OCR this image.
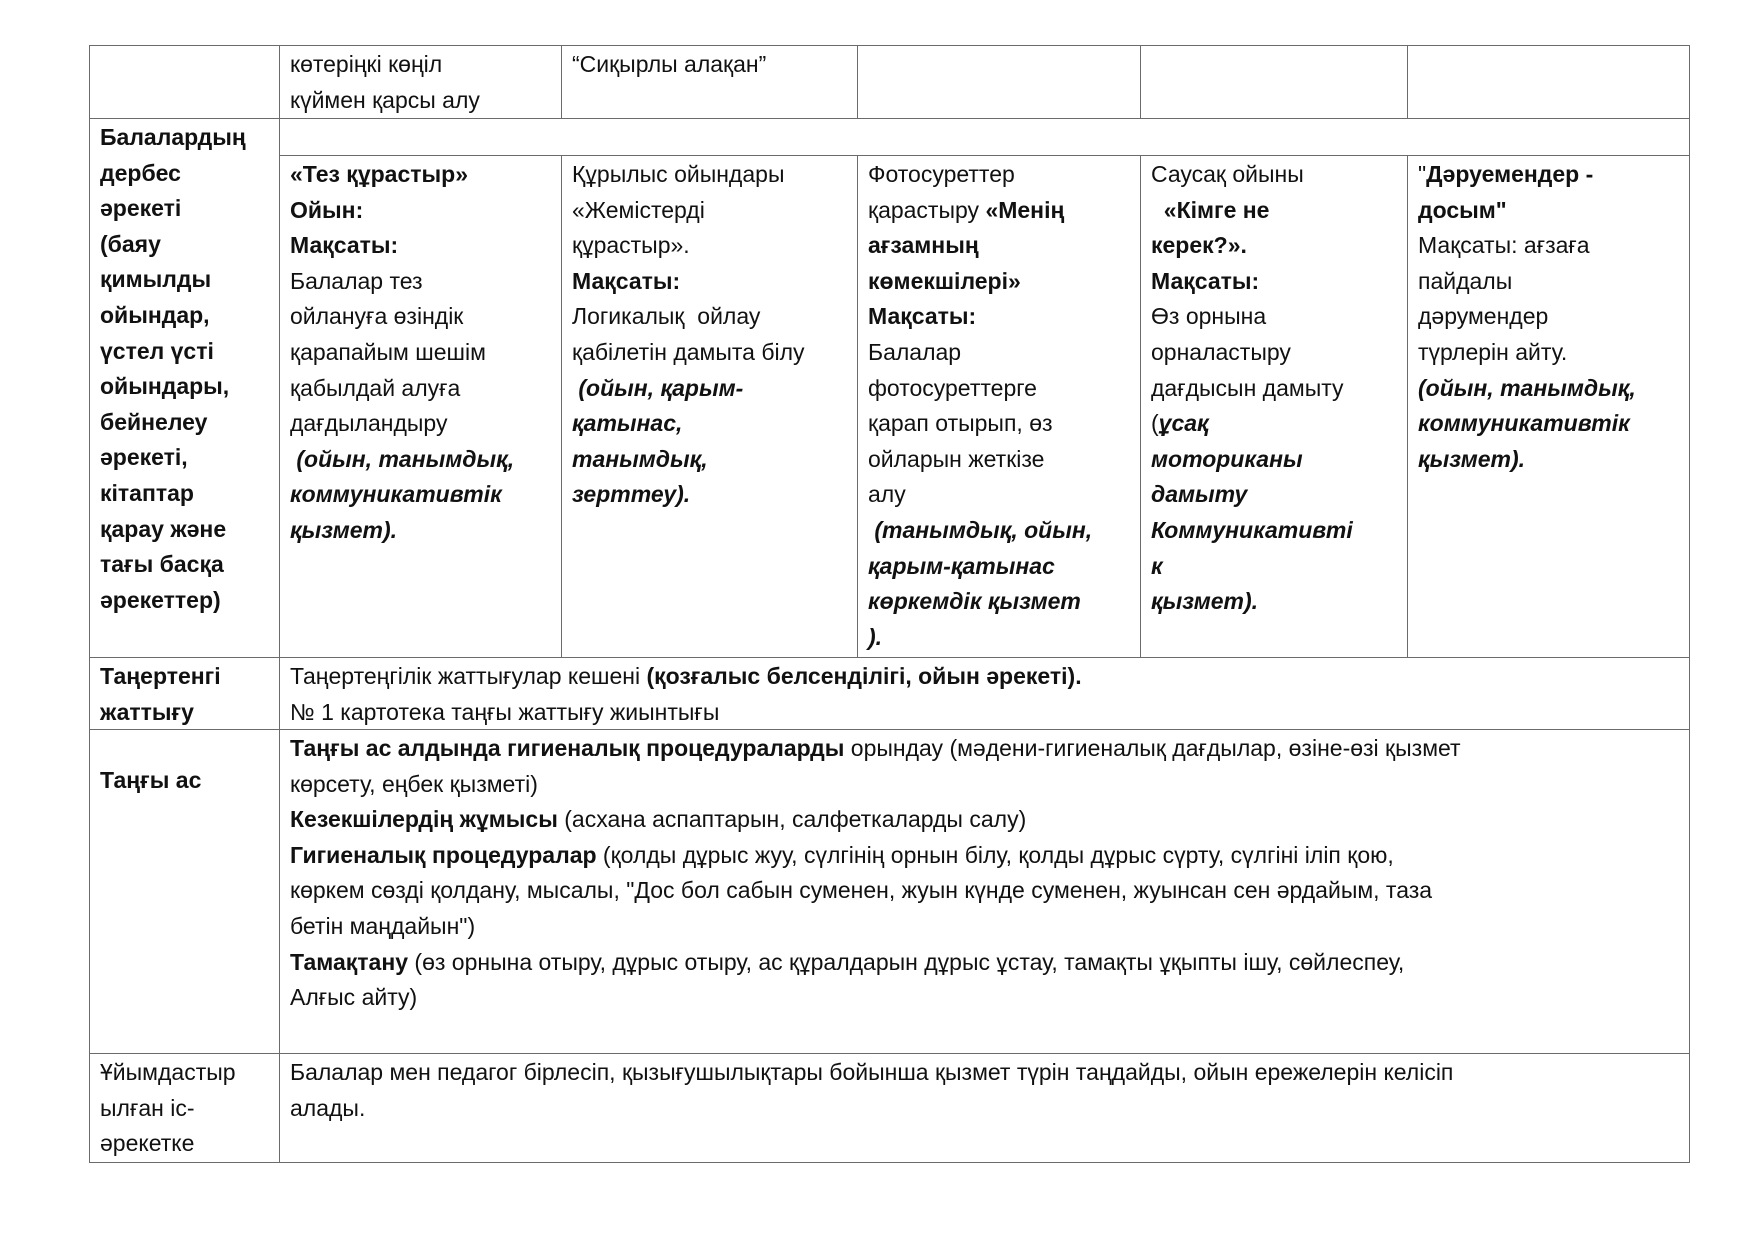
көтеріңкі көңіл
күймен қарсы алу
“Сиқырлы алақан”
Балалардың
дербес
әрекеті
(баяу
қимылды
ойындар,
үстел үсті
ойындары,
бейнелеу
әрекеті,
кітаптар
қарау және
тағы басқа
әрекеттер)
«Тез құрастыр»
Ойын:
Мақсаты:
Балалар тез
ойлануға өзіндік
қарапайым шешім
қабылдай алуға
дағдыландыру
(ойын, танымдық,
коммуникативтік
қызмет).
Құрылыс ойындары
«Жемістерді
құрастыр».
Мақсаты:
Логикалық  ойлау
қабілетін дамыта білу
(ойын, қарым-
қатынас,
танымдық,
зерттеу).
Фотосуреттер
қарастыру «Менің
ағзамның
көмекшілері»
Мақсаты:
Балалар
фотосуреттерге
қарап отырып, өз
ойларын жеткізе
алу
(танымдық, ойын,
қарым-қатынас
көркемдік қызмет
).
Саусақ ойыны
«Кімге не
керек?».
Мақсаты:
Өз орнына
орналастыру
дағдысын дамыту
(ұсақ
моториканы
дамыту
Коммуникативті
к
қызмет).
"Дәруемендер -
досым"
Мақсаты: ағзаға
пайдалы
дәрумендер
түрлерін айту.
(ойын, танымдық,
коммуникативтік
қызмет).
Таңертенгі
жаттығу
Таңертеңгілік жаттығулар кешені (қозғалыс белсенділігі, ойын әрекеті).
№ 1 картотека таңғы жаттығу жиынтығы
Таңғы ас
Таңғы ас алдында гигиеналық процедураларды орындау (мәдени-гигиеналық дағдылар, өзіне-өзі қызмет
көрсету, еңбек қызметі)
Кезекшілердің жұмысы (асхана аспаптарын, салфеткаларды салу)
Гигиеналық процедуралар (қолды дұрыс жуу, сүлгінің орнын білу, қолды дұрыс сүрту, сүлгіні іліп қою,
көркем сөзді қолдану, мысалы, "Дос бол сабын суменен, жуын күнде суменен, жуынсан сен әрдайым, таза
бетін маңдайын")
Тамақтану (өз орнына отыру, дұрыс отыру, ас құралдарын дұрыс ұстау, тамақты ұқыпты ішу, сөйлеспеу,
Алғыс айту)
Ұйымдастыр
ылған іс-
әрекетке
Балалар мен педагог бірлесіп, қызығушылықтары бойынша қызмет түрін таңдайды, ойын ережелерін келісіп
алады.
